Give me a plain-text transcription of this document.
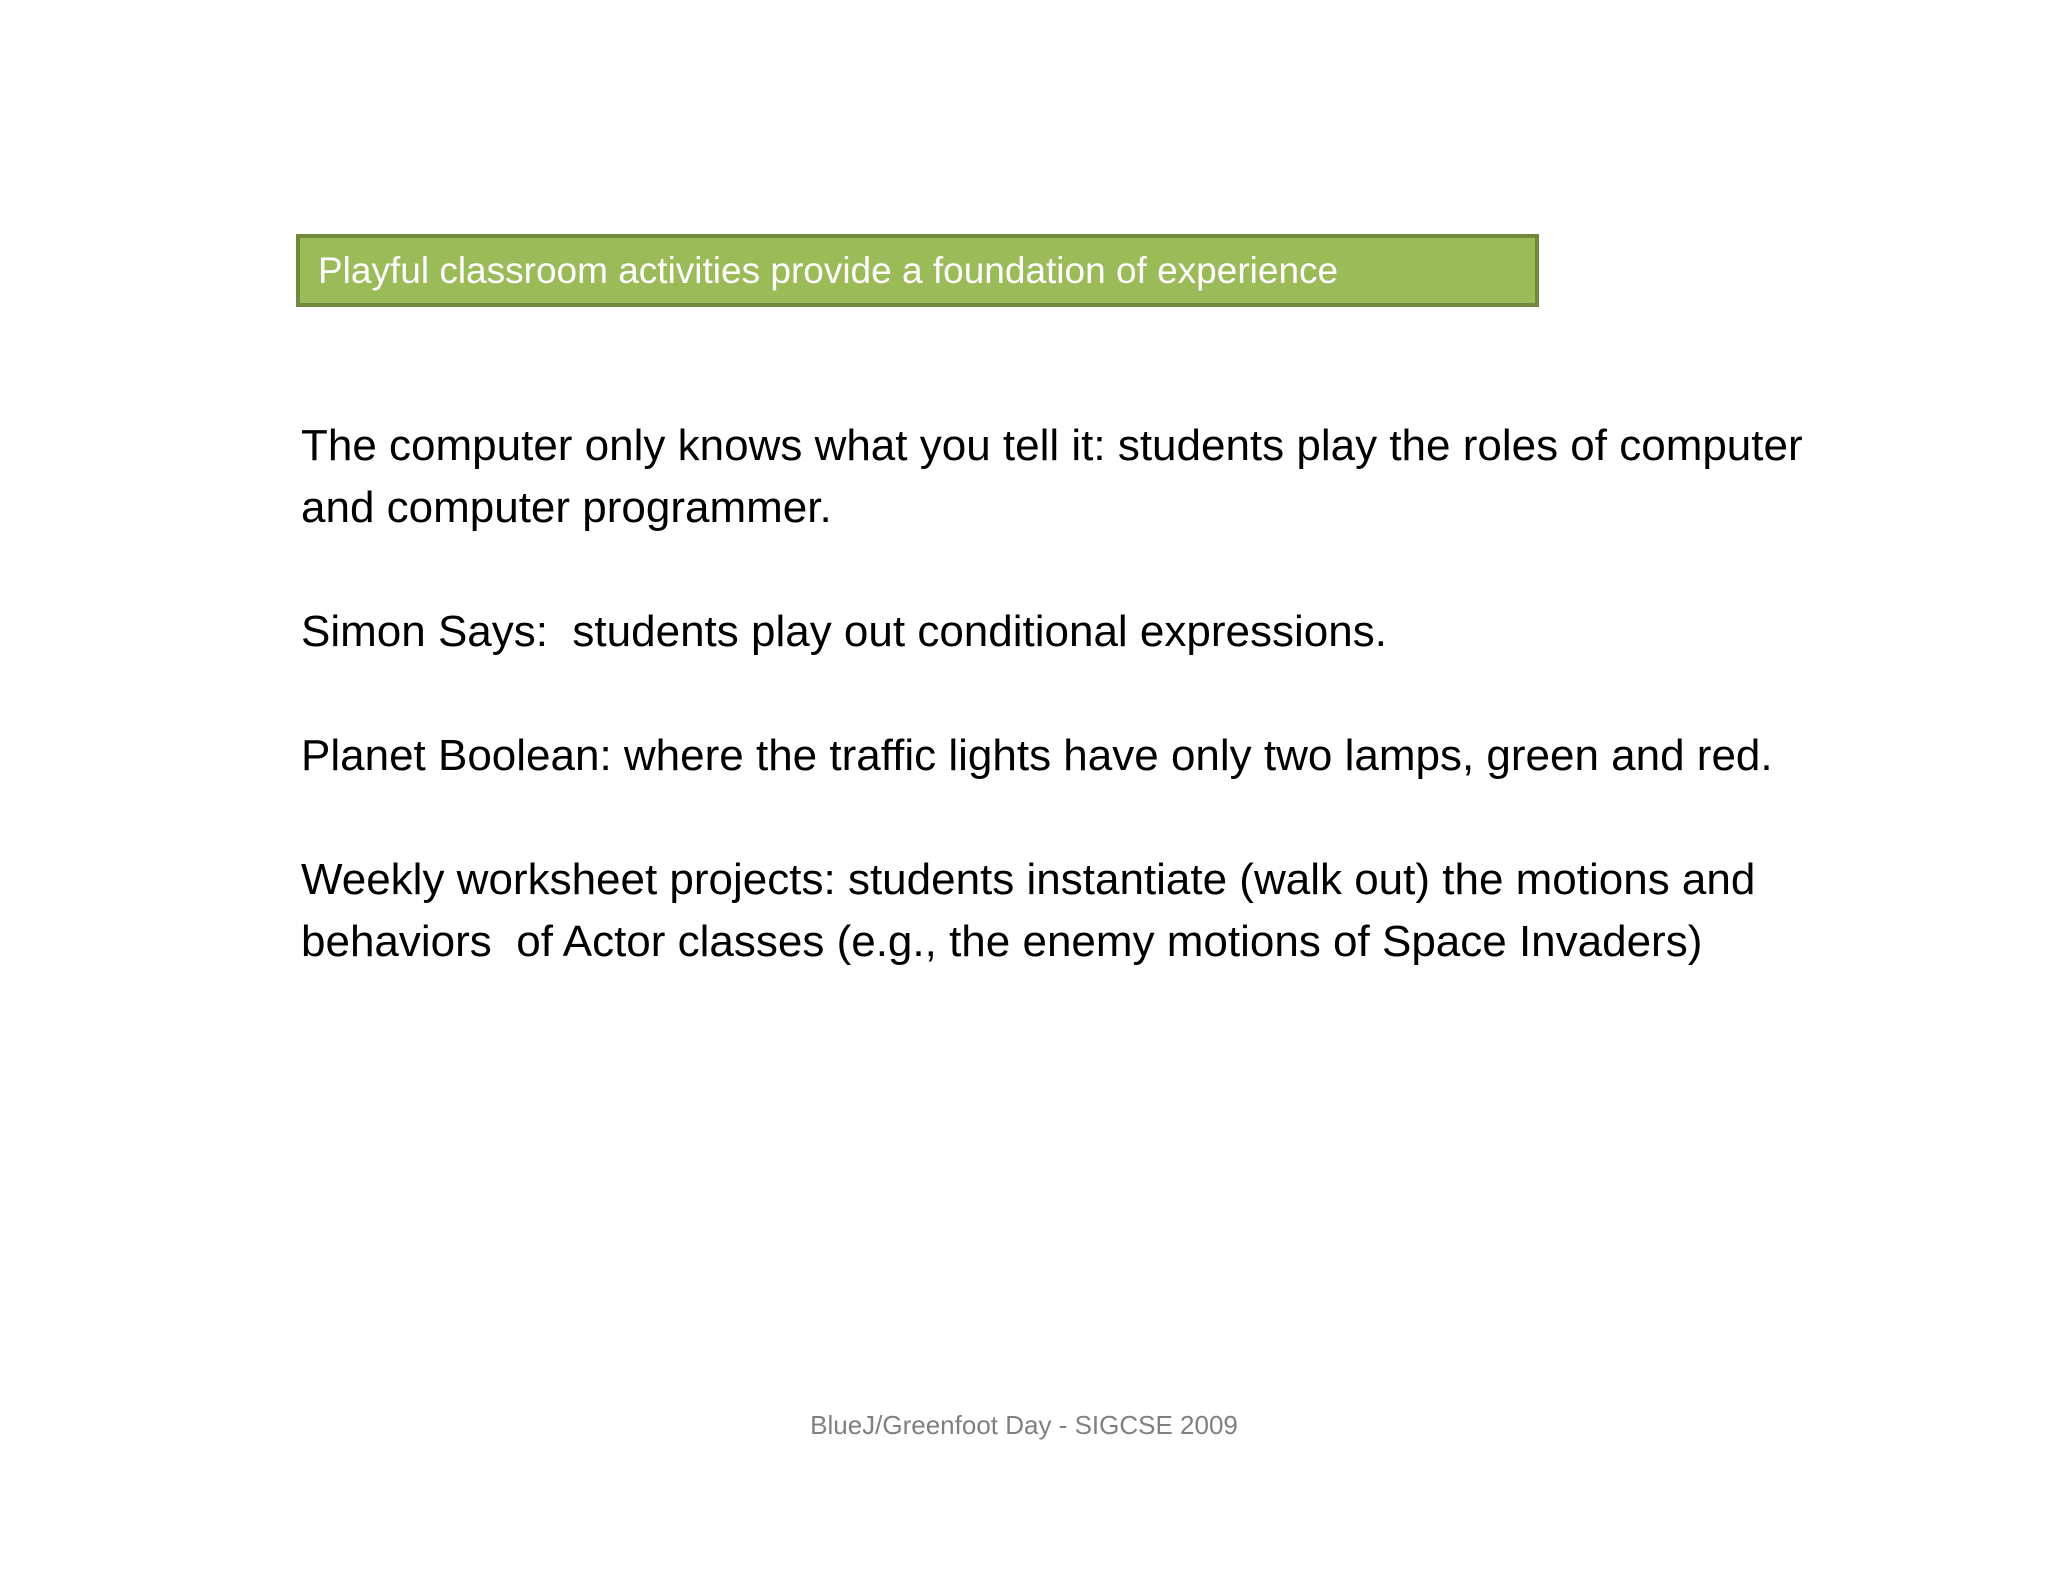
Playful classroom activities provide a foundation of experience

The computer only knows what you tell it: students play the roles of computer and computer programmer.

Simon Says:  students play out conditional expressions.

Planet Boolean: where the traffic lights have only two lamps, green and red.

Weekly worksheet projects: students instantiate (walk out) the motions and behaviors  of Actor classes (e.g., the enemy motions of Space Invaders)

BlueJ/Greenfoot Day - SIGCSE 2009
